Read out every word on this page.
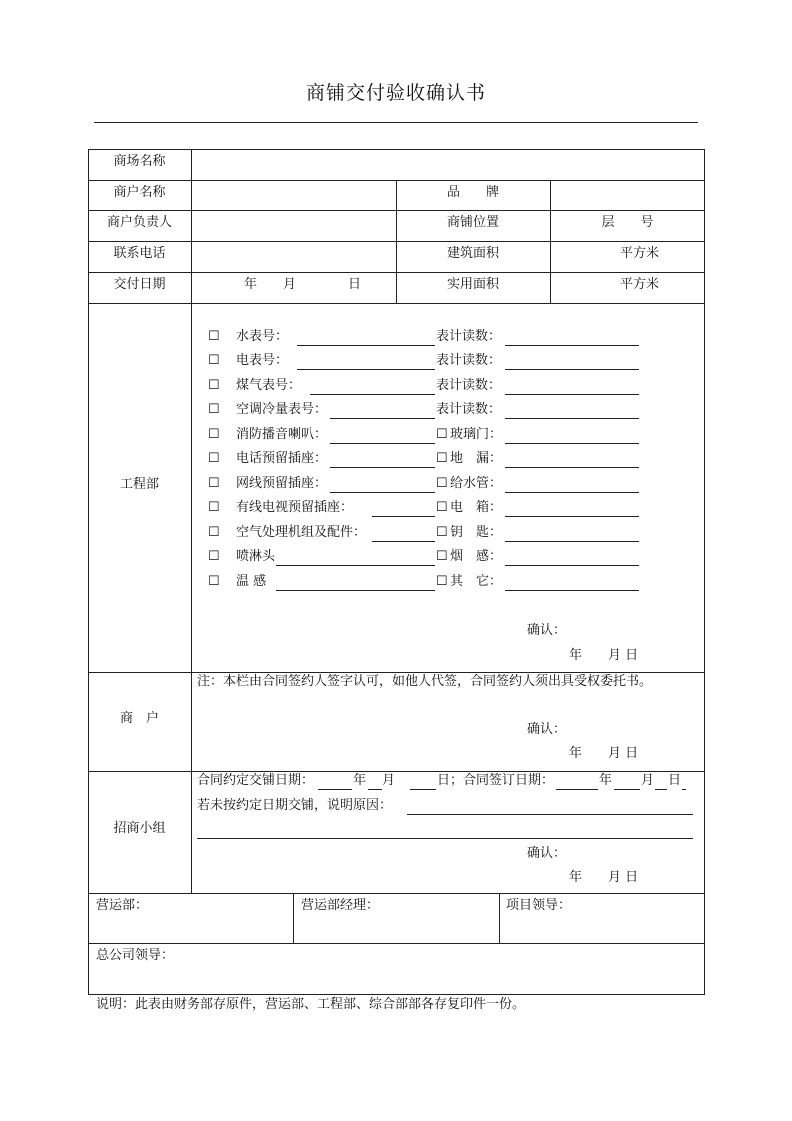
商铺交付验收确认书
商场名称
商户名称	品　　牌
商户负责人	商铺位置	层　　号
联系电话	建筑面积	平方米
交付日期	年　　月　　　　日	实用面积	平方米
工程部
☐ 水表号：	表计读数：
☐ 电表号：	表计读数：
☐ 煤气表号：	表计读数：
☐ 空调冷量表号：	表计读数：
☐ 消防播音喇叭：	☐ 玻璃门：
☐ 电话预留插座：	☐ 地　漏：
☐ 网线预留插座：	☐ 给水管：
☐ 有线电视预留插座：	☐ 电　箱：
☐ 空气处理机组及配件：	☐ 钥　匙：
☐ 喷淋头	☐ 烟　感：
☐ 温 感	☐ 其　它：
确认：
年　　月 日
商　户
注：本栏由合同签约人签字认可，如他人代签，合同签约人须出具受权委托书。
确认：
年　　月 日
招商小组
合同约定交铺日期：	年 月	日；合同签订日期：	年 月 日
若未按约定日期交铺，说明原因：
确认：
年　　月 日
营运部：	营运部经理：	项目领导：
总公司领导：
说明：此表由财务部存原件，营运部、工程部、综合部部各存复印件一份。
